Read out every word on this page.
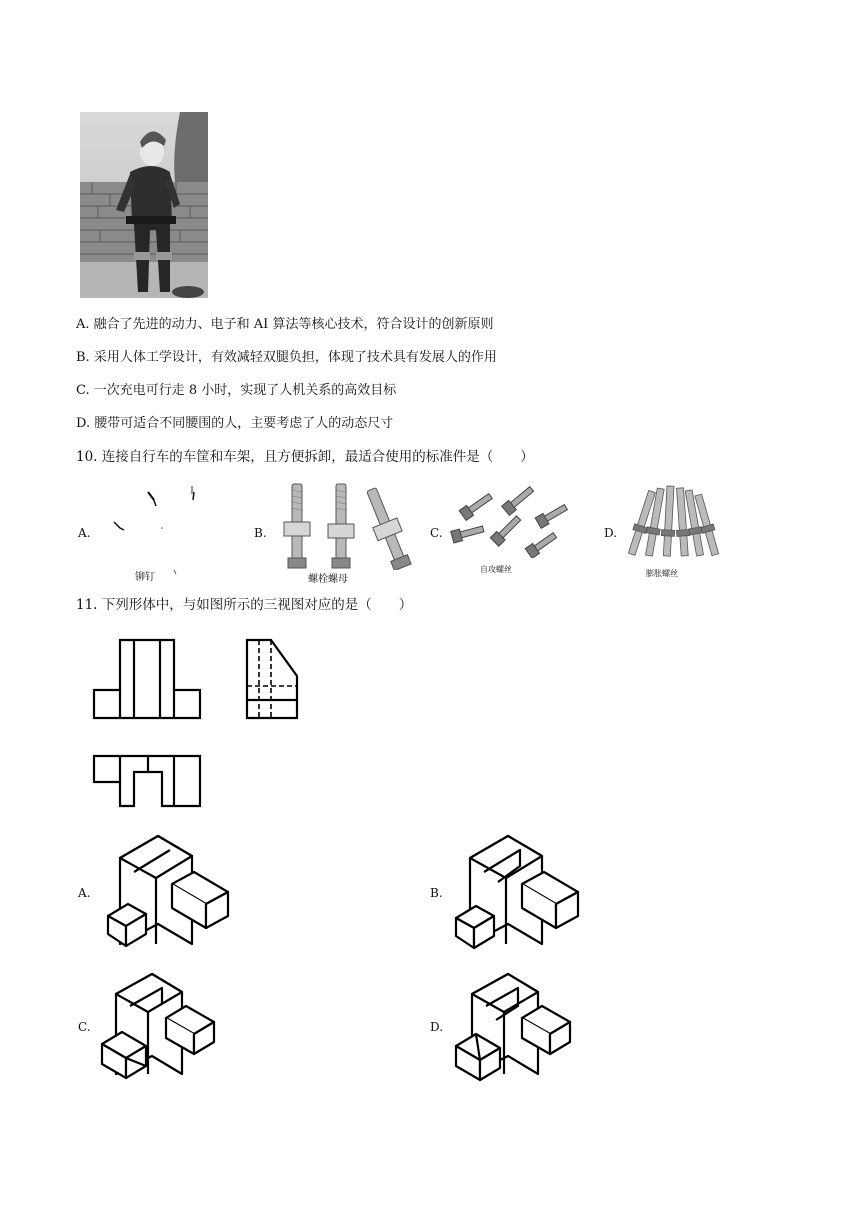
A. 融合了先进的动力、电子和 AI 算法等核心技术，符合设计的创新原则
B. 采用人体工学设计，有效减轻双腿负担，体现了技术具有发展人的作用
C. 一次充电可行走 8 小时，实现了人机关系的高效目标
D. 腰带可适合不同腰围的人，主要考虑了人的动态尺寸
10. 连接自行车的车筐和车架，且方便拆卸，最适合使用的标准件是（　　）
A.
铆钉
B.
螺栓螺母
C.
自攻螺丝
D.
膨胀螺丝
11. 下列形体中，与如图所示的三视图对应的是（　　）
A.	B.
C.	D.
